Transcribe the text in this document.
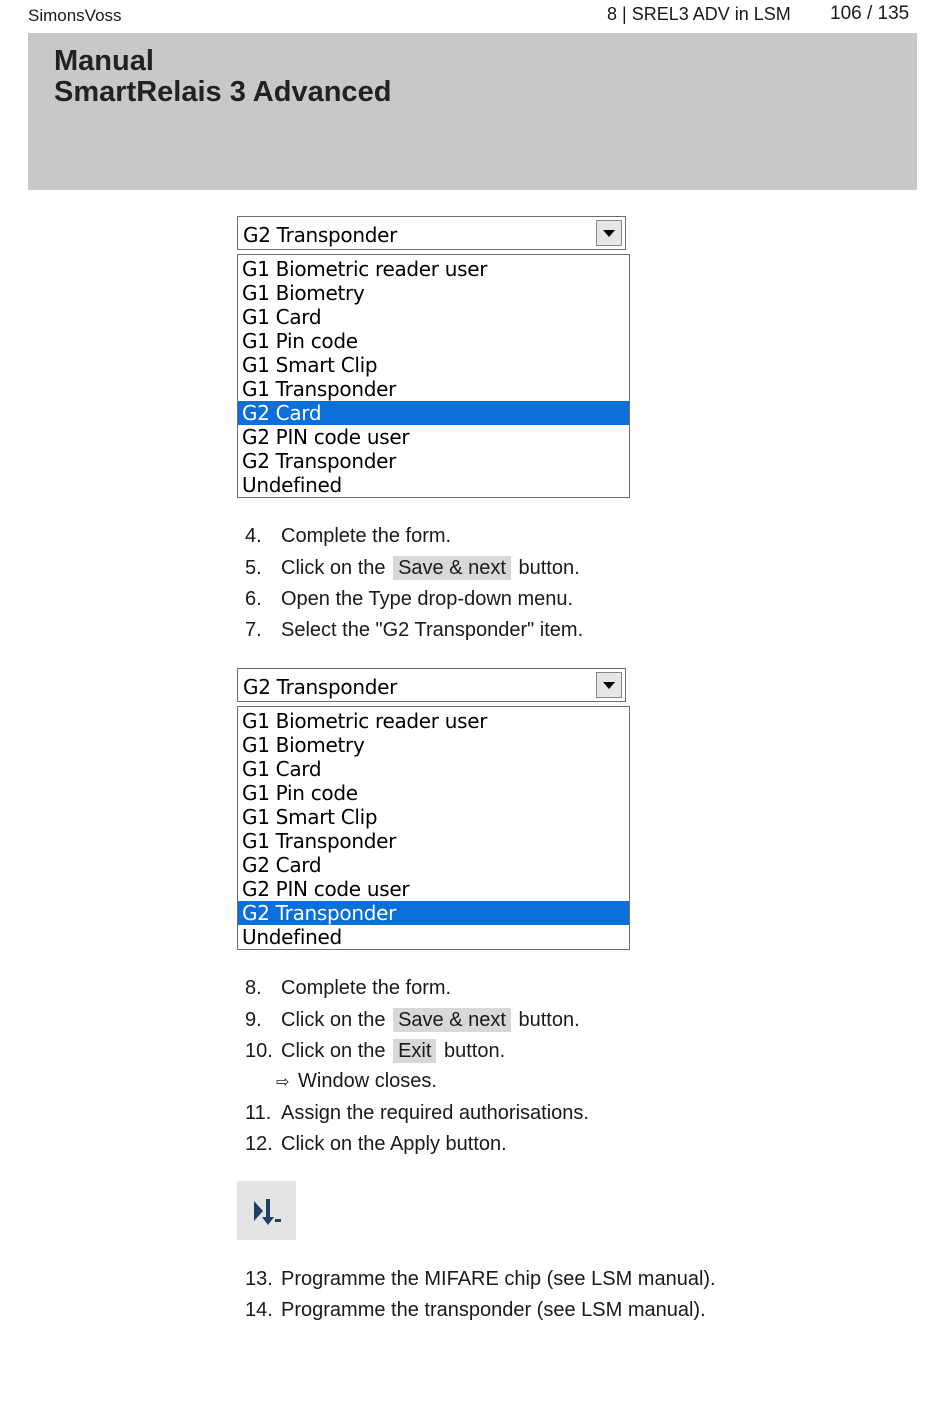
SimonsVoss	8 | SREL3 ADV in LSM 106 / 135
Manual
SmartRelais 3 Advanced
G2 Transponder
G1 Biometric reader user
G1 Biometry
G1 Card
G1 Pin code
G1 Smart Clip
G1 Transponder
G2 Card
G2 PIN code user
G2 Transponder
Undefined
4. Complete the form.
5. Click on the Save & next button.
6. Open the Type drop-down menu.
7. Select the "G2 Transponder" item.
G2 Transponder
G1 Biometric reader user
G1 Biometry
G1 Card
G1 Pin code
G1 Smart Clip
G1 Transponder
G2 Card
G2 PIN code user
G2 Transponder
Undefined
8. Complete the form.
9. Click on the Save & next button.
10. Click on the Exit button.
⇨ Window closes.
11. Assign the required authorisations.
12. Click on the Apply button.
13. Programme the MIFARE chip (see LSM manual).
14. Programme the transponder (see LSM manual).
